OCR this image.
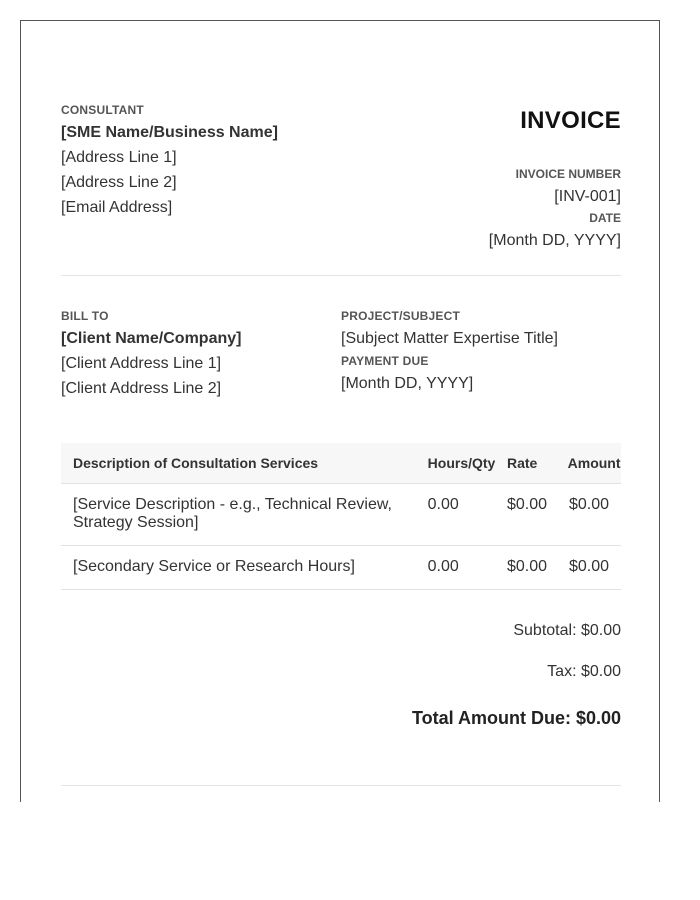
CONSULTANT
[SME Name/Business Name]
[Address Line 1]
[Address Line 2]
[Email Address]
INVOICE
INVOICE NUMBER
[INV-001]
DATE
[Month DD, YYYY]
BILL TO
[Client Name/Company]
[Client Address Line 1]
[Client Address Line 2]
PROJECT/SUBJECT
[Subject Matter Expertise Title]
PAYMENT DUE
[Month DD, YYYY]
Description of Consultation Services	Hours/Qty	Rate	Amount
[Service Description - e.g., Technical Review, Strategy Session]	0.00	$0.00	$0.00
[Secondary Service or Research Hours]	0.00	$0.00	$0.00
Subtotal: $0.00
Tax: $0.00
Total Amount Due: $0.00
